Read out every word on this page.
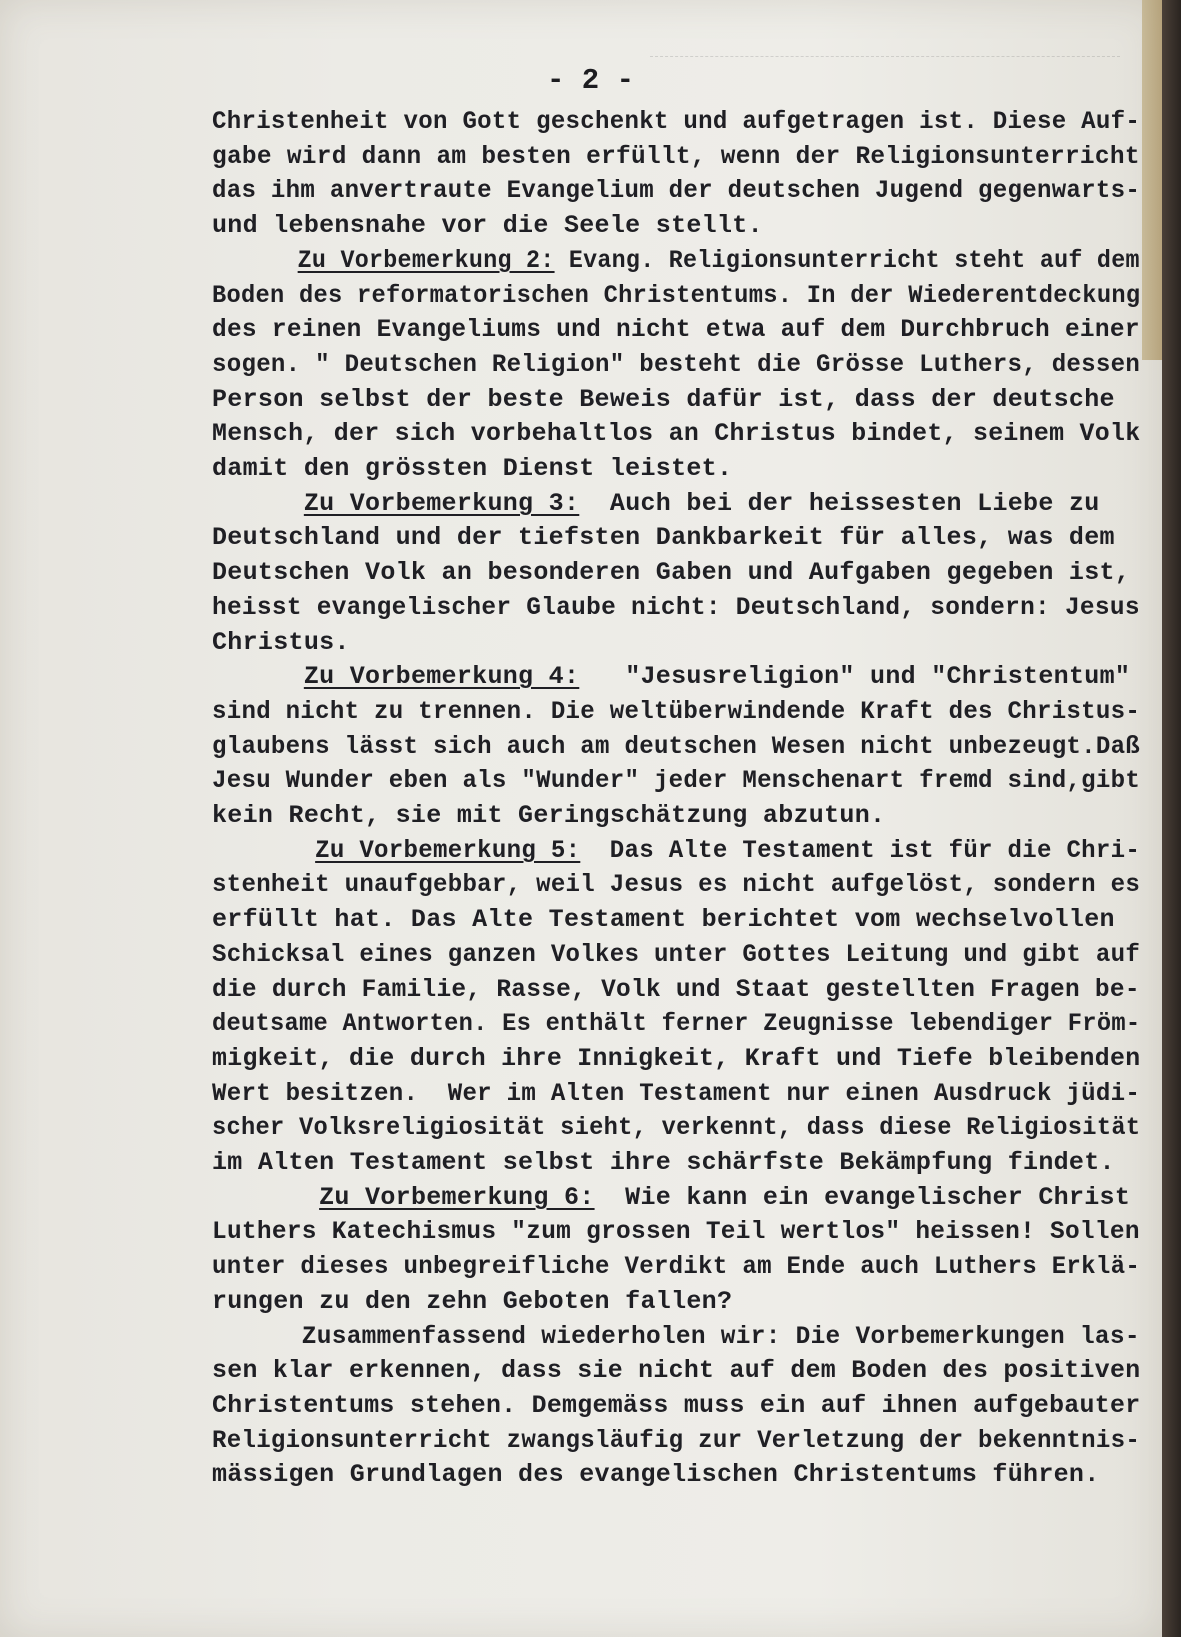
- 2 -
Christenheit von Gott geschenkt und aufgetragen ist. Diese Auf-
gabe wird dann am besten erfüllt, wenn der Religionsunterricht
das ihm anvertraute Evangelium der deutschen Jugend gegenwarts-
und lebensnahe vor die Seele stellt.
Zu Vorbemerkung 2: Evang. Religionsunterricht steht auf dem
Boden des reformatorischen Christentums. In der Wiederentdeckung
des reinen Evangeliums und nicht etwa auf dem Durchbruch einer
sogen. " Deutschen Religion" besteht die Grösse Luthers, dessen
Person selbst der beste Beweis dafür ist, dass der deutsche
Mensch, der sich vorbehaltlos an Christus bindet, seinem Volk
damit den grössten Dienst leistet.
Zu Vorbemerkung 3:  Auch bei der heissesten Liebe zu
Deutschland und der tiefsten Dankbarkeit für alles, was dem
Deutschen Volk an besonderen Gaben und Aufgaben gegeben ist,
heisst evangelischer Glaube nicht: Deutschland, sondern: Jesus
Christus.
Zu Vorbemerkung 4:   "Jesusreligion" und "Christentum"
sind nicht zu trennen. Die weltüberwindende Kraft des Christus-
glaubens lässt sich auch am deutschen Wesen nicht unbezeugt.Daß
Jesu Wunder eben als "Wunder" jeder Menschenart fremd sind,gibt
kein Recht, sie mit Geringschätzung abzutun.
Zu Vorbemerkung 5:  Das Alte Testament ist für die Chri-
stenheit unaufgebbar, weil Jesus es nicht aufgelöst, sondern es
erfüllt hat. Das Alte Testament berichtet vom wechselvollen
Schicksal eines ganzen Volkes unter Gottes Leitung und gibt auf
die durch Familie, Rasse, Volk und Staat gestellten Fragen be-
deutsame Antworten. Es enthält ferner Zeugnisse lebendiger Fröm-
migkeit, die durch ihre Innigkeit, Kraft und Tiefe bleibenden
Wert besitzen.  Wer im Alten Testament nur einen Ausdruck jüdi-
scher Volksreligiosität sieht, verkennt, dass diese Religiosität
im Alten Testament selbst ihre schärfste Bekämpfung findet.
Zu Vorbemerkung 6:  Wie kann ein evangelischer Christ
Luthers Katechismus "zum grossen Teil wertlos" heissen! Sollen
unter dieses unbegreifliche Verdikt am Ende auch Luthers Erklä-
rungen zu den zehn Geboten fallen?
Zusammenfassend wiederholen wir: Die Vorbemerkungen las-
sen klar erkennen, dass sie nicht auf dem Boden des positiven
Christentums stehen. Demgemäss muss ein auf ihnen aufgebauter
Religionsunterricht zwangsläufig zur Verletzung der bekenntnis-
mässigen Grundlagen des evangelischen Christentums führen.
